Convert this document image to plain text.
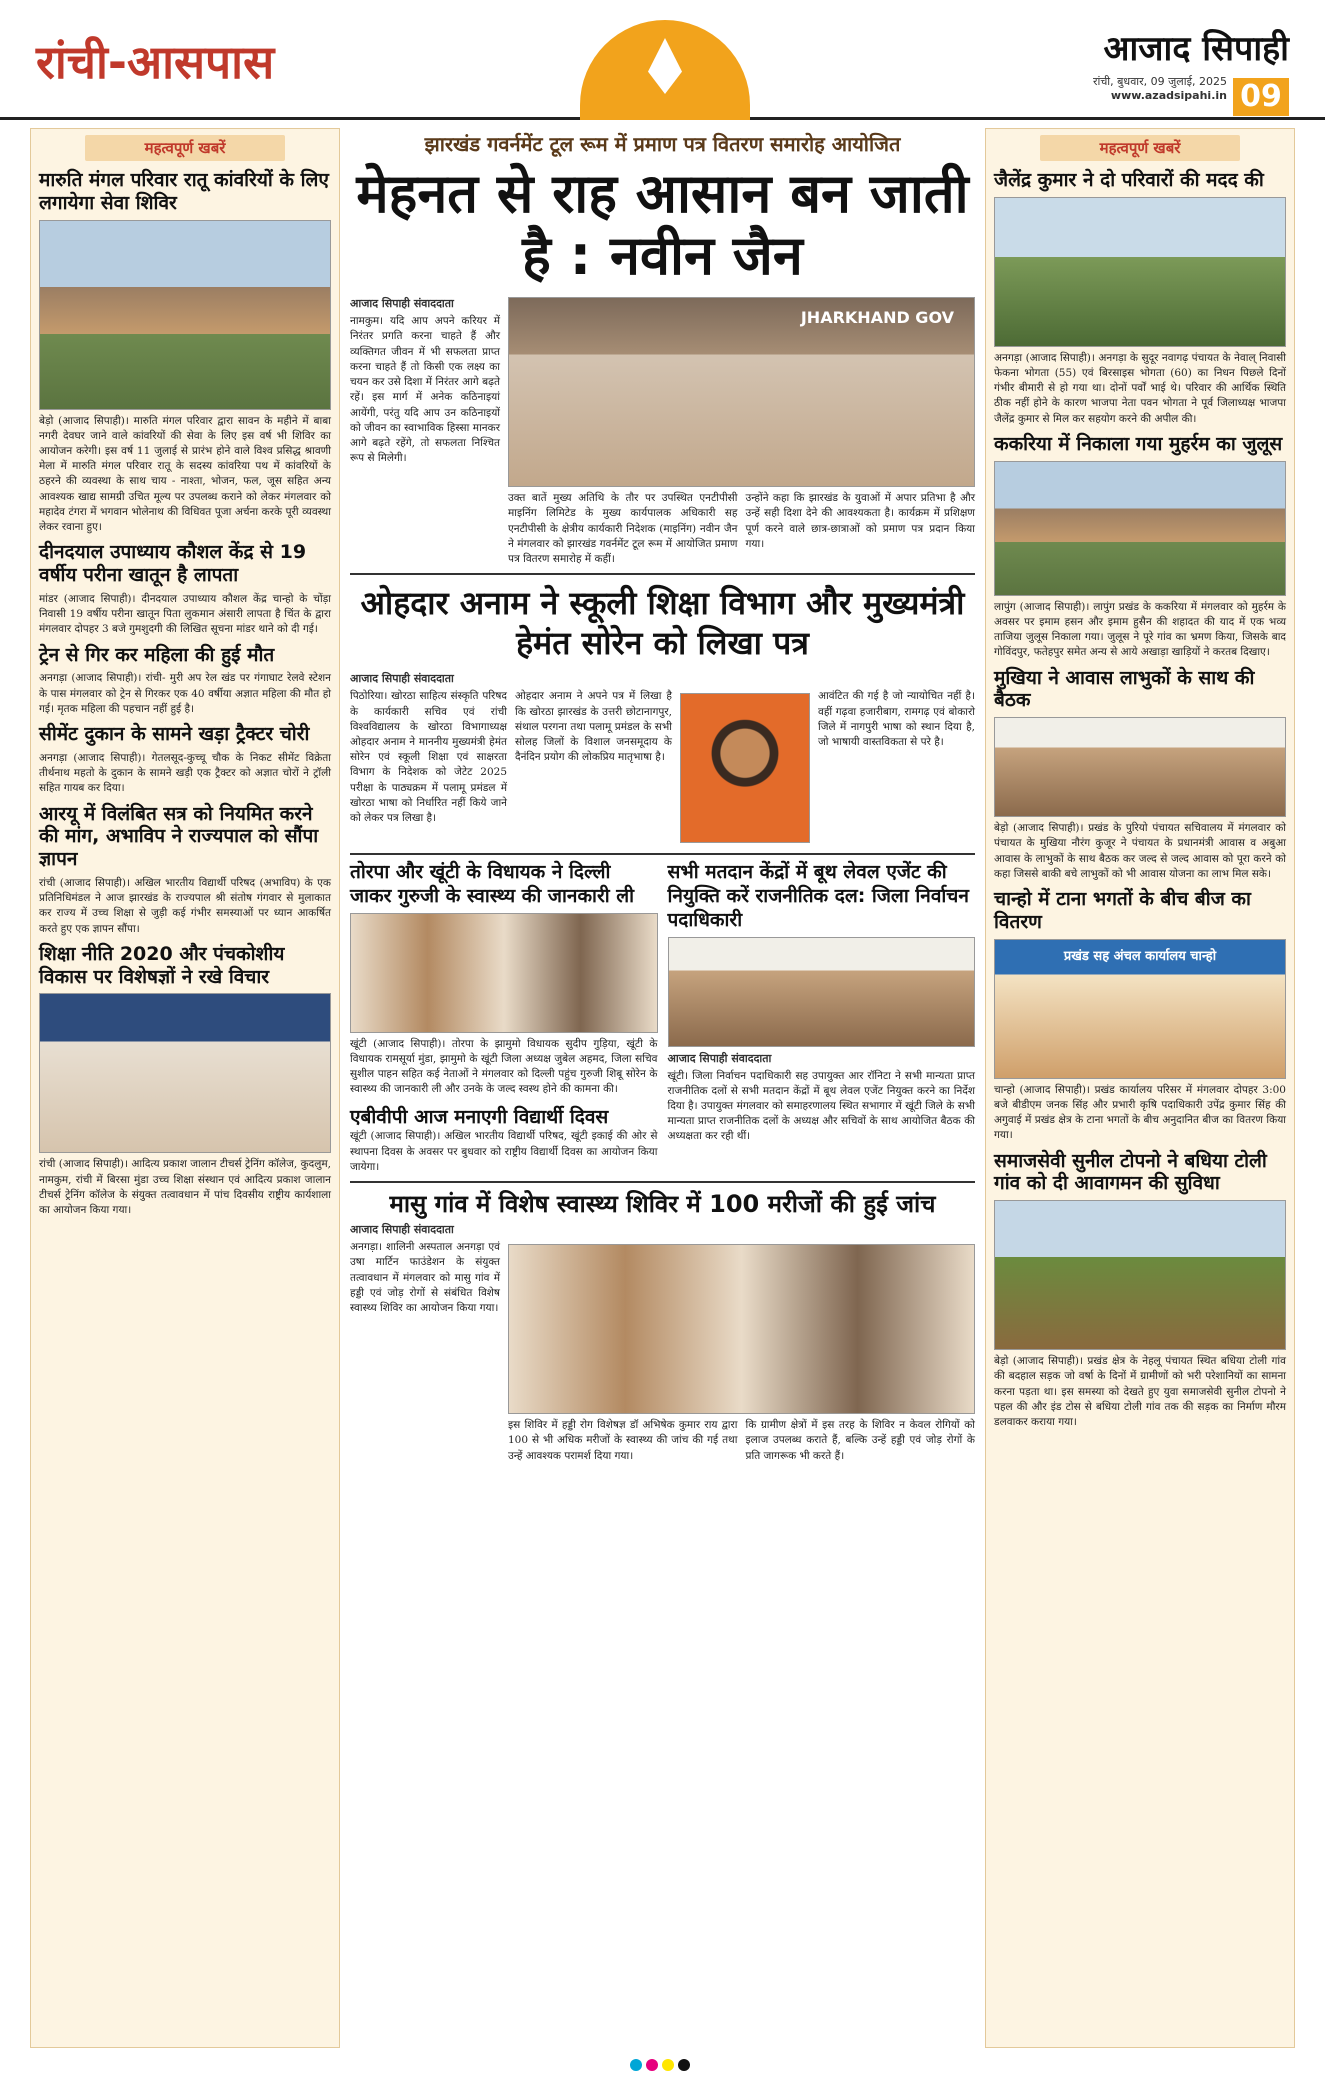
रांची-आसपास	आजाद सिपाही
रांची, बुधवार, 09 जुलाई, 2025
www.azadsipahi.in 09
महत्वपूर्ण खबरें
मारुति मंगल परिवार रातू कांवरियों के लिए लगायेगा सेवा शिविर
बेड़ो (आजाद सिपाही)। मारुति मंगल परिवार द्वारा सावन के महीने में बाबा नगरी देवघर जाने वाले कांवरियों की सेवा के लिए इस वर्ष भी शिविर का आयोजन करेगी। इस वर्ष 11 जुलाई से प्रारंभ होने वाले विश्व प्रसिद्ध श्रावणी मेला में मारुति मंगल परिवार रातू के सदस्य कांवरिया पथ में कांवरियों के ठहरने की व्यवस्था के साथ चाय - नाश्ता, भोजन, फल, जूस सहित अन्य आवश्यक खाद्य सामग्री उचित मूल्य पर उपलब्ध कराने को लेकर मंगलवार को महादेव टंगरा में भगवान भोलेनाथ की विधिवत पूजा अर्चना करके पूरी व्यवस्था लेकर रवाना हुए।
दीनदयाल उपाध्याय कौशल केंद्र से 19 वर्षीय परीना खातून है लापता
मांडर (आजाद सिपाही)। दीनदयाल उपाध्याय कौशल केंद्र चान्हो के चोंड़ा निवासी 19 वर्षीय परीना खातून पिता लुकमान अंसारी लापता है चिंत के द्वारा मंगलवार दोपहर 3 बजे गुमशुदगी की लिखित सूचना मांडर थाने को दी गई।
ट्रेन से गिर कर महिला की हुई मौत
अनगड़ा (आजाद सिपाही)। रांची- मुरी अप रेल खंड पर गंगाघाट रेलवे स्टेशन के पास मंगलवार को ट्रेन से गिरकर एक 40 वर्षीया अज्ञात महिला की मौत हो गई। मृतक महिला की पहचान नहीं हुई है।
सीमेंट दुकान के सामने खड़ा ट्रैक्टर चोरी
अनगड़ा (आजाद सिपाही)। गेतलसूद-कुच्चू चौक के निकट सीमेंट विक्रेता तीर्थनाथ महतो के दुकान के सामने खड़ी एक ट्रैक्टर को अज्ञात चोरों ने ट्रॉली सहित गायब कर दिया।
आरयू में विलंबित सत्र को नियमित करने की मांग, अभाविप ने राज्यपाल को सौंपा ज्ञापन
रांची (आजाद सिपाही)। अखिल भारतीय विद्यार्थी परिषद (अभाविप) के एक प्रतिनिधिमंडल ने आज झारखंड के राज्यपाल श्री संतोष गंगवार से मुलाकात कर राज्य में उच्च शिक्षा से जुड़ी कई गंभीर समस्याओं पर ध्यान आकर्षित करते हुए एक ज्ञापन सौंपा।
शिक्षा नीति 2020 और पंचकोशीय विकास पर विशेषज्ञों ने रखे विचार
रांची (आजाद सिपाही)। आदित्य प्रकाश जालान टीचर्स ट्रेनिंग कॉलेज, कुदलुम, नामकुम, रांची में बिरसा मुंडा उच्च शिक्षा संस्थान एवं आदित्य प्रकाश जालान टीचर्स ट्रेनिंग कॉलेज के संयुक्त तत्वावधान में पांच दिवसीय राष्ट्रीय कार्यशाला का आयोजन किया गया।
झारखंड गवर्नमेंट टूल रूम में प्रमाण पत्र वितरण समारोह आयोजित
मेहनत से राह आसान बन जाती है : नवीन जैन
आजाद सिपाही संवाददाता
नामकुम। यदि आप अपने करियर में निरंतर प्रगति करना चाहते हैं और व्यक्तिगत जीवन में भी सफलता प्राप्त करना चाहते हैं तो किसी एक लक्ष्य का चयन कर उसे दिशा में निरंतर आगे बढ़ते रहें। इस मार्ग में अनेक कठिनाइयां आयेंगी, परंतु यदि आप उन कठिनाइयों को जीवन का स्वाभाविक हिस्सा मानकर आगे बढ़ते रहेंगे, तो सफलता निश्चित रूप से मिलेगी।
JHARKHAND GOV
उक्त बातें मुख्य अतिथि के तौर पर उपस्थित एनटीपीसी माइनिंग लिमिटेड के मुख्य कार्यपालक अधिकारी सह एनटीपीसी के क्षेत्रीय कार्यकारी निदेशक (माइनिंग) नवीन जैन ने मंगलवार को झारखंड गवर्नमेंट टूल रूम में आयोजित प्रमाण पत्र वितरण समारोह में कहीं।
उन्होंने कहा कि झारखंड के युवाओं में अपार प्रतिभा है और उन्हें सही दिशा देने की आवश्यकता है। कार्यक्रम में प्रशिक्षण पूर्ण करने वाले छात्र-छात्राओं को प्रमाण पत्र प्रदान किया गया।
ओहदार अनाम ने स्कूली शिक्षा विभाग और मुख्यमंत्री हेमंत सोरेन को लिखा पत्र
आजाद सिपाही संवाददाता
पिठोरिया। खोरठा साहित्य संस्कृति परिषद के कार्यकारी सचिव एवं रांची विश्वविद्यालय के खोरठा विभागाध्यक्ष ओहदार अनाम ने माननीय मुख्यमंत्री हेमंत सोरेन एवं स्कूली शिक्षा एवं साक्षरता विभाग के निदेशक को जेटेट 2025 परीक्षा के पाठ्यक्रम में पलामू प्रमंडल में खोरठा भाषा को निर्धारित नहीं किये जाने को लेकर पत्र लिखा है।
ओहदार अनाम ने अपने पत्र में लिखा है कि खोरठा झारखंड के उत्तरी छोटानागपुर, संथाल परगना तथा पलामू प्रमंडल के सभी सोलह जिलों के विशाल जनसमूदाय के दैनंदिन प्रयोग की लोकप्रिय मातृभाषा है।
आवंटित की गई है जो न्यायोचित नहीं है। वहीं गढ़वा हजारीबाग, रामगढ़ एवं बोकारो जिले में नागपुरी भाषा को स्थान दिया है, जो भाषायी वास्तविकता से परे है।
तोरपा और खूंटी के विधायक ने दिल्ली जाकर गुरुजी के स्वास्थ्य की जानकारी ली
खूंटी (आजाद सिपाही)। तोरपा के झामुमो विधायक सुदीप गुड़िया, खूंटी के विधायक रामसूर्या मुंडा, झामुमो के खूंटी जिला अध्यक्ष जुबेल अहमद, जिला सचिव सुशील पाहन सहित कई नेताओं ने मंगलवार को दिल्ली पहुंच गुरुजी शिबू सोरेन के स्वास्थ्य की जानकारी ली और उनके के जल्द स्वस्थ होने की कामना की।
एबीवीपी आज मनाएगी विद्यार्थी दिवस
खूंटी (आजाद सिपाही)। अखिल भारतीय विद्यार्थी परिषद, खूंटी इकाई की ओर से स्थापना दिवस के अवसर पर बुधवार को राष्ट्रीय विद्यार्थी दिवस का आयोजन किया जायेगा।
सभी मतदान केंद्रों में बूथ लेवल एजेंट की नियुक्ति करें राजनीतिक दल: जिला निर्वाचन पदाधिकारी
आजाद सिपाही संवाददाता
खूंटी। जिला निर्वाचन पदाधिकारी सह उपायुक्त आर रॉनिटा ने सभी मान्यता प्राप्त राजनीतिक दलों से सभी मतदान केंद्रों में बूथ लेवल एजेंट नियुक्त करने का निर्देश दिया है। उपायुक्त मंगलवार को समाहरणालय स्थित सभागार में खूंटी जिले के सभी मान्यता प्राप्त राजनीतिक दलों के अध्यक्ष और सचिवों के साथ आयोजित बैठक की अध्यक्षता कर रही थीं।
मासु गांव में विशेष स्वास्थ्य शिविर में 100 मरीजों की हुई जांच
आजाद सिपाही संवाददाता
अनगड़ा। शालिनी अस्पताल अनगड़ा एवं उषा मार्टिन फाउंडेशन के संयुक्त तत्वावधान में मंगलवार को मासु गांव में हड्डी एवं जोड़ रोगों से संबंधित विशेष स्वास्थ्य शिविर का आयोजन किया गया।
इस शिविर में हड्डी रोग विशेषज्ञ डॉ अभिषेक कुमार राय द्वारा 100 से भी अधिक मरीजों के स्वास्थ्य की जांच की गई तथा उन्हें आवश्यक परामर्श दिया गया।
कि ग्रामीण क्षेत्रों में इस तरह के शिविर न केवल रोगियों को इलाज उपलब्ध कराते हैं, बल्कि उन्हें हड्डी एवं जोड़ रोगों के प्रति जागरूक भी करते हैं।
महत्वपूर्ण खबरें
जैलेंद्र कुमार ने दो परिवारों की मदद की
अनगड़ा (आजाद सिपाही)। अनगड़ा के सुदूर नवागढ़ पंचायत के नेवाल् निवासी फेकना भोगता (55) एवं बिरसाइस भोगता (60) का निधन पिछले दिनों गंभीर बीमारी से हो गया था। दोनों पर्वों भाई थे। परिवार की आर्थिक स्थिति ठीक नहीं होने के कारण भाजपा नेता पवन भोगता ने पूर्व जिलाध्यक्ष भाजपा जैलेंद्र कुमार से मिल कर सहयोग करने की अपील की।
ककरिया में निकाला गया मुहर्रम का जुलूस
लापुंग (आजाद सिपाही)। लापुंग प्रखंड के ककरिया में मंगलवार को मुहर्रम के अवसर पर इमाम हसन और इमाम हुसैन की शहादत की याद में एक भव्य ताजिया जुलूस निकाला गया। जुलूस ने पूरे गांव का भ्रमण किया, जिसके बाद गोविंदपुर, फतेहपुर समेत अन्य से आये अखाड़ा खाड़ियों ने करतब दिखाए।
मुखिया ने आवास लाभुकों के साथ की बैठक
बेड़ो (आजाद सिपाही)। प्रखंड के पुरियो पंचायत सचिवालय में मंगलवार को पंचायत के मुखिया नौरंग कुजूर ने पंचायत के प्रधानमंत्री आवास व अबुआ आवास के लाभुकों के साथ बैठक कर जल्द से जल्द आवास को पूरा करने को कहा जिससे बाकी बचे लाभुकों को भी आवास योजना का लाभ मिल सके।
चान्हो में टाना भगतों के बीच बीज का वितरण
प्रखंड सह अंचल कार्यालय चान्हो
चान्हो (आजाद सिपाही)। प्रखंड कार्यालय परिसर में मंगलवार दोपहर 3:00 बजे बीडीएम जनक सिंह और प्रभारी कृषि पदाधिकारी उपेंद्र कुमार सिंह की अगुवाई में प्रखंड क्षेत्र के टाना भगतों के बीच अनुदानित बीज का वितरण किया गया।
समाजसेवी सुनील टोपनो ने बधिया टोली गांव को दी आवागमन की सुविधा
बेड़ो (आजाद सिपाही)। प्रखंड क्षेत्र के नेहलू पंचायत स्थित बधिया टोली गांव की बदहाल सड़क जो वर्षा के दिनों में ग्रामीणों को भरी परेशानियों का सामना करना पड़ता था। इस समस्या को देखते हुए युवा समाजसेवी सुनील टोपनो ने पहल की और इंड टोस से बधिया टोली गांव तक की सड़क का निर्माण मौरम डलवाकर कराया गया।
